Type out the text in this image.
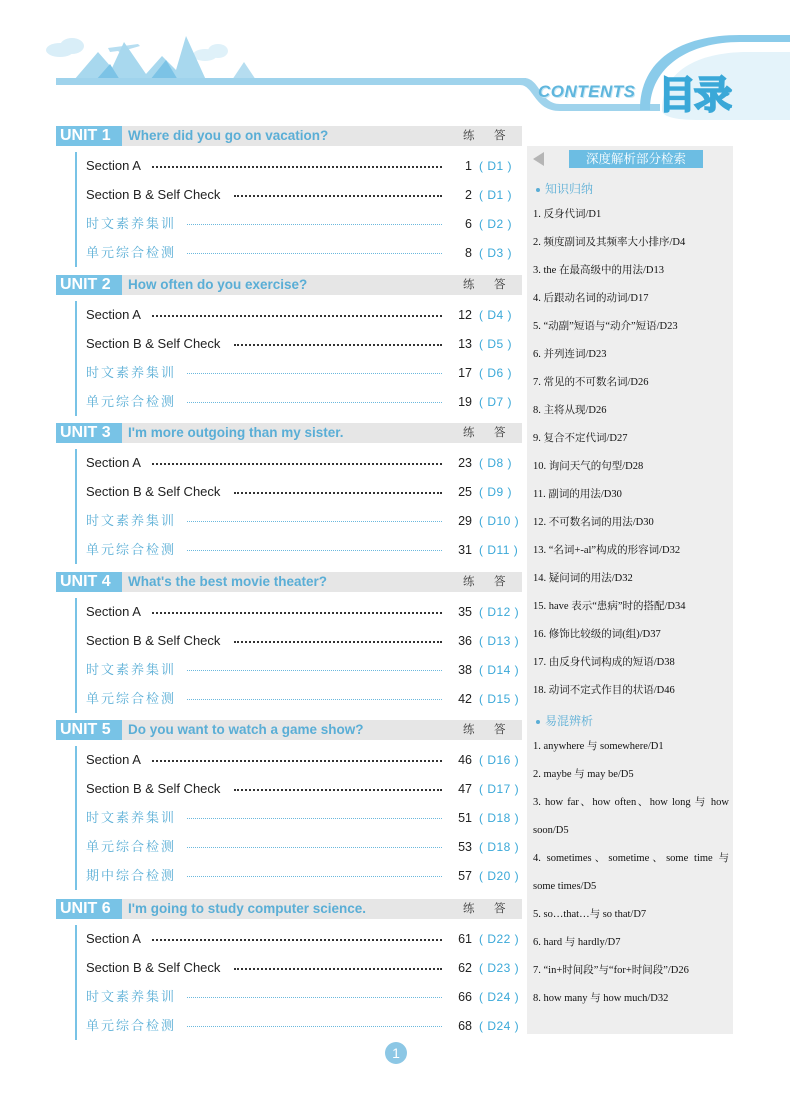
CONTENTS 目录
UNIT 1	Where did you go on vacation?	练 答
Section A	1 ( D1 )
Section B & Self Check	2 ( D1 )
时文素养集训	6 ( D2 )
单元综合检测	8 ( D3 )
UNIT 2	How often do you exercise?	练 答
Section A	12 ( D4 )
Section B & Self Check	13 ( D5 )
时文素养集训	17 ( D6 )
单元综合检测	19 ( D7 )
UNIT 3	I'm more outgoing than my sister.	练 答
Section A	23 ( D8 )
Section B & Self Check	25 ( D9 )
时文素养集训	29 ( D10 )
单元综合检测	31 ( D11 )
UNIT 4	What's the best movie theater?	练 答
Section A	35 ( D12 )
Section B & Self Check	36 ( D13 )
时文素养集训	38 ( D14 )
单元综合检测	42 ( D15 )
UNIT 5	Do you want to watch a game show?	练 答
Section A	46 ( D16 )
Section B & Self Check	47 ( D17 )
时文素养集训	51 ( D18 )
单元综合检测	53 ( D18 )
期中综合检测	57 ( D20 )
UNIT 6	I'm going to study computer science.	练 答
Section A	61 ( D22 )
Section B & Self Check	62 ( D23 )
时文素养集训	66 ( D24 )
单元综合检测	68 ( D24 )
深度解析部分检索
知识归纳
1. 反身代词/D1
2. 频度副词及其频率大小排序/D4
3. the 在最高级中的用法/D13
4. 后跟动名词的动词/D17
5. “动副”短语与“动介”短语/D23
6. 并列连词/D23
7. 常见的不可数名词/D26
8. 主将从现/D26
9. 复合不定代词/D27
10. 询问天气的句型/D28
11. 副词的用法/D30
12. 不可数名词的用法/D30
13. “名词+-al”构成的形容词/D32
14. 疑问词的用法/D32
15. have 表示“患病”时的搭配/D34
16. 修饰比较级的词(组)/D37
17. 由反身代词构成的短语/D38
18. 动词不定式作目的状语/D46
易混辨析
1. anywhere 与 somewhere/D1
2. maybe 与 may be/D5
3. how far、how often、how long 与 how soon/D5
4. sometimes、sometime、some time 与 some times/D5
5. so…that…与 so that/D7
6. hard 与 hardly/D7
7. “in+时间段”与“for+时间段”/D26
8. how many 与 how much/D32
1
